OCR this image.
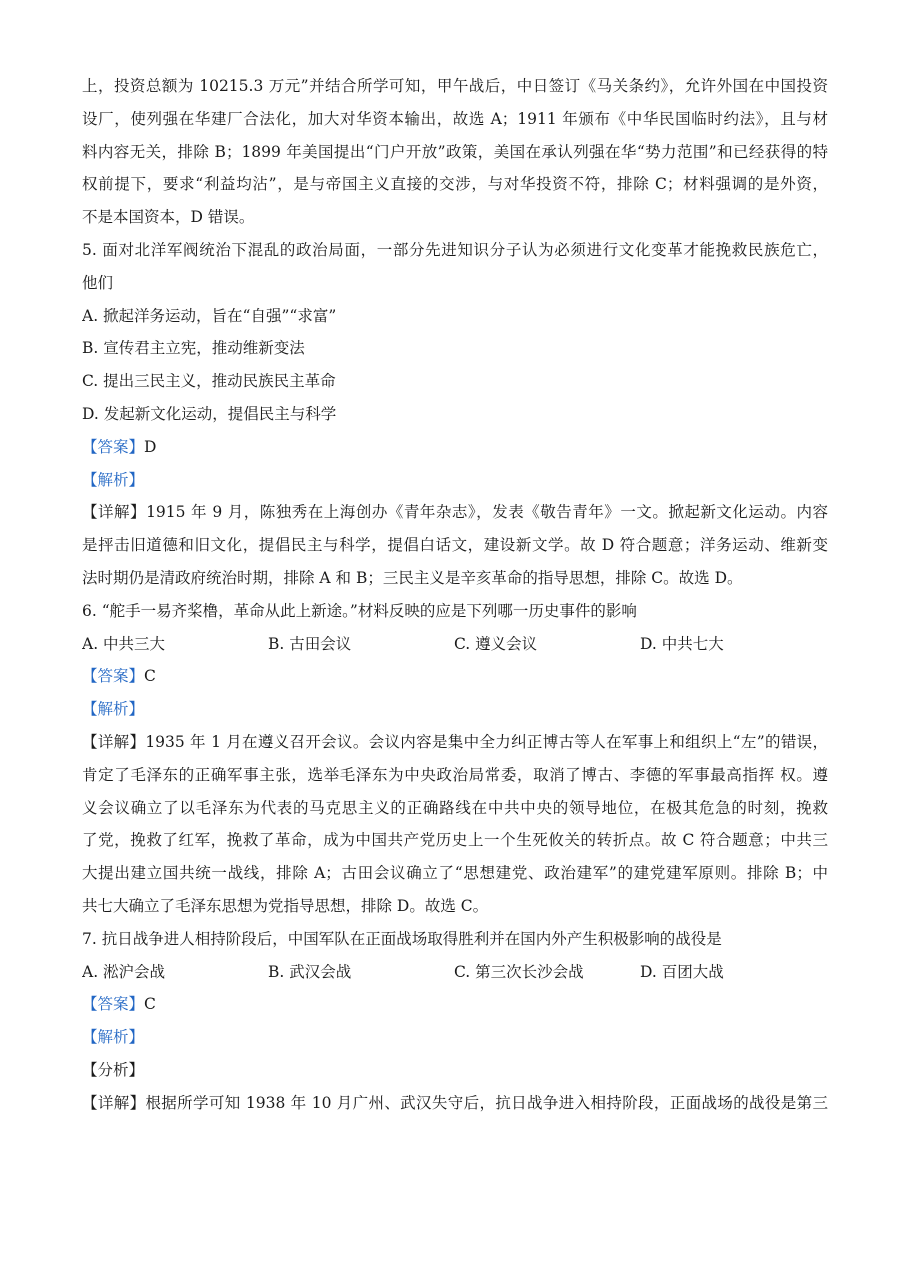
上，投资总额为 10215.3 万元”并结合所学可知，甲午战后，中日签订《马关条约》，允许外国在中国投资
设厂，使列强在华建厂合法化，加大对华资本输出，故选 A；1911 年颁布《中华民国临时约法》，且与材
料内容无关，排除 B；1899 年美国提出“门户开放”政策，美国在承认列强在华“势力范围”和已经获得的特
权前提下，要求“利益均沾”，是与帝国主义直接的交涉，与对华投资不符，排除 C；材料强调的是外资，
不是本国资本，D 错误。
5. 面对北洋军阀统治下混乱的政治局面，一部分先进知识分子认为必须进行文化变革才能挽救民族危亡，
他们
A. 掀起洋务运动，旨在“自强”“求富”
B. 宣传君主立宪，推动维新变法
C. 提出三民主义，推动民族民主革命
D. 发起新文化运动，提倡民主与科学
【答案】D
【解析】
【详解】1915 年 9 月，陈独秀在上海创办《青年杂志》，发表《敬告青年》一文。掀起新文化运动。内容
是抨击旧道德和旧文化，提倡民主与科学，提倡白话文，建设新文学。故 D 符合题意；洋务运动、维新变
法时期仍是清政府统治时期，排除 A 和 B；三民主义是辛亥革命的指导思想，排除 C。故选 D。
6. “舵手一易齐桨橹，革命从此上新途。”材料反映的应是下列哪一历史事件的影响
A. 中共三大	B. 古田会议	C. 遵义会议	D. 中共七大
【答案】C
【解析】
【详解】1935 年 1 月在遵义召开会议。会议内容是集中全力纠正博古等人在军事上和组织上“左”的错误，
肯定了毛泽东的正确军事主张，选举毛泽东为中央政治局常委，取消了博古、李德的军事最高指挥 权。遵
义会议确立了以毛泽东为代表的马克思主义的正确路线在中共中央的领导地位，在极其危急的时刻，挽救
了党，挽救了红军，挽救了革命，成为中国共产党历史上一个生死攸关的转折点。故 C 符合题意；中共三
大提出建立国共统一战线，排除 A；古田会议确立了“思想建党、政治建军”的建党建军原则。排除 B；中
共七大确立了毛泽东思想为党指导思想，排除 D。故选 C。
7. 抗日战争进人相持阶段后，中国军队在正面战场取得胜利并在国内外产生积极影响的战役是
A. 淞沪会战	B. 武汉会战	C. 第三次长沙会战	D. 百团大战
【答案】C
【解析】
【分析】
【详解】根据所学可知 1938 年 10 月广州、武汉失守后，抗日战争进入相持阶段，正面战场的战役是第三
